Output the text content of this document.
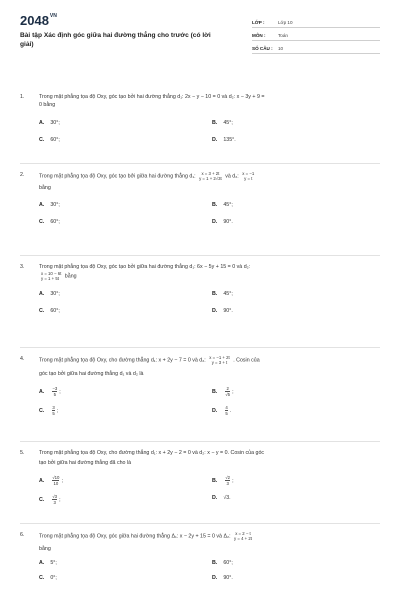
$2048^{VN}$
Bài tập Xác định góc giữa hai đường thẳng cho trước (có lời giải)
LỚP :	Lớp 10
MÔN :	Toán
SỐ CÂU :	10
1.	Trong mặt phẳng tọa độ Oxy, góc tạo bởi hai đường thẳng d₁: 2x − y − 10 = 0 và d₂: x − 3y + 9 =
0 bằng
A. 30°;	B. 45°;
C. 60°;	D. 135°.
2.	Trong mặt phẳng tọa độ Oxy, góc tạo bởi giữa hai đường thẳng d₁:	x = 3 + 2t
y = 1 + 2√3t và d₂: x = −1
y = t
bằng
A. 30°;	B. 45°;
C. 60°;	D. 90°.
3.	Trong mặt phẳng tọa độ Oxy, góc tạo bởi giữa hai đường thẳng d₁: 6x − 5y + 15 = 0 và d₂:
x = 10 − 6t
y = 1 + 5t	bằng
A. 30°;	B. 45°;
C. 60°;	D. 90°.
4.	Trong mặt phẳng tọa độ Oxy, cho đường thẳng d₁: x + 2y − 7 = 0 và d₂: x = −1 + 2t
y = 3 + t	. Cosin của
góc tạo bởi giữa hai đường thẳng d₁ và d₂ là
A. $\frac{-3}{5}$ ;	B. $\frac{2}{√5}$ ;
C. $\frac{3}{5}$ ;	D. $\frac{4}{5}$ .
5.	Trong mặt phẳng tọa độ Oxy, cho đường thẳng d₁: x + 2y − 2 = 0 và d₂: x − y = 0. Cosin của góc
tạo bởi giữa hai đường thẳng đã cho là
A. $\frac{√10}{10}$ ;	B. $\frac{√2}{3}$ ;
C. $\frac{√3}{3}$ ;	D. √3.
6.	Trong mặt phẳng tọa độ Oxy, góc giữa hai đường thẳng Δ₁: x − 2y + 15 = 0 và Δ₂: x = 2 − t
y = 4 + 2t
bằng
A. 5°;	B. 60°;
C. 0°;	D. 90°.
